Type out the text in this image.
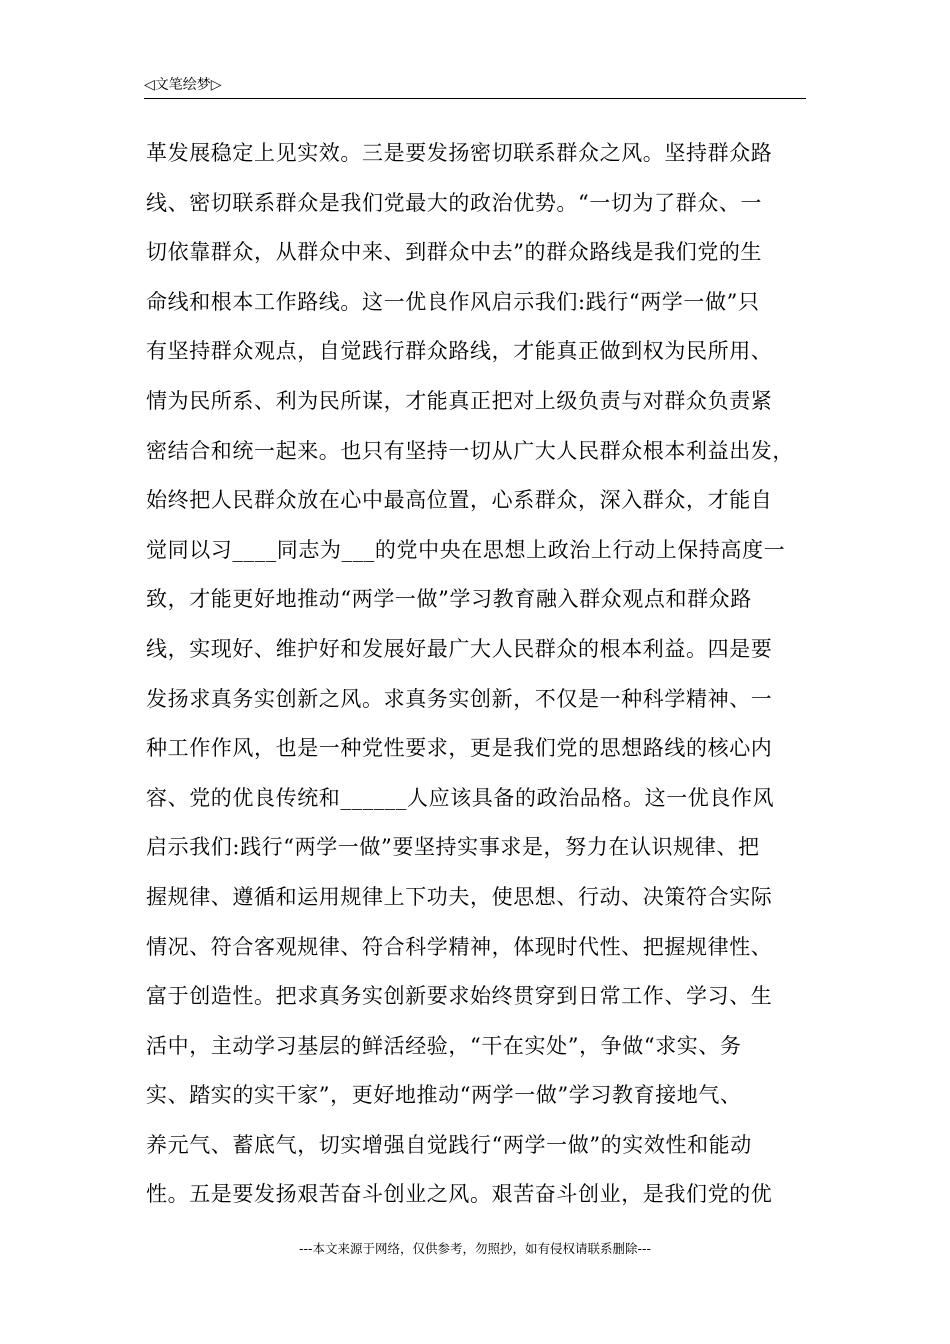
◁文笔绘梦▷
革发展稳定上见实效。三是要发扬密切联系群众之风。坚持群众路
线、密切联系群众是我们党最大的政治优势。“一切为了群众、一
切依靠群众，从群众中来、到群众中去”的群众路线是我们党的生
命线和根本工作路线。这一优良作风启示我们:践行“两学一做”只
有坚持群众观点，自觉践行群众路线，才能真正做到权为民所用、
情为民所系、利为民所谋，才能真正把对上级负责与对群众负责紧
密结合和统一起来。也只有坚持一切从广大人民群众根本利益出发，
始终把人民群众放在心中最高位置，心系群众，深入群众，才能自
觉同以习____同志为___的党中央在思想上政治上行动上保持高度一
致，才能更好地推动“两学一做”学习教育融入群众观点和群众路
线，实现好、维护好和发展好最广大人民群众的根本利益。四是要
发扬求真务实创新之风。求真务实创新，不仅是一种科学精神、一
种工作作风，也是一种党性要求，更是我们党的思想路线的核心内
容、党的优良传统和______人应该具备的政治品格。这一优良作风
启示我们:践行“两学一做”要坚持实事求是，努力在认识规律、把
握规律、遵循和运用规律上下功夫，使思想、行动、决策符合实际
情况、符合客观规律、符合科学精神，体现时代性、把握规律性、
富于创造性。把求真务实创新要求始终贯穿到日常工作、学习、生
活中，主动学习基层的鲜活经验，“干在实处”，争做“求实、务
实、踏实的实干家”，更好地推动“两学一做”学习教育接地气、
养元气、蓄底气，切实增强自觉践行“两学一做”的实效性和能动
性。五是要发扬艰苦奋斗创业之风。艰苦奋斗创业，是我们党的优
---本文来源于网络，仅供参考，勿照抄，如有侵权请联系删除---
